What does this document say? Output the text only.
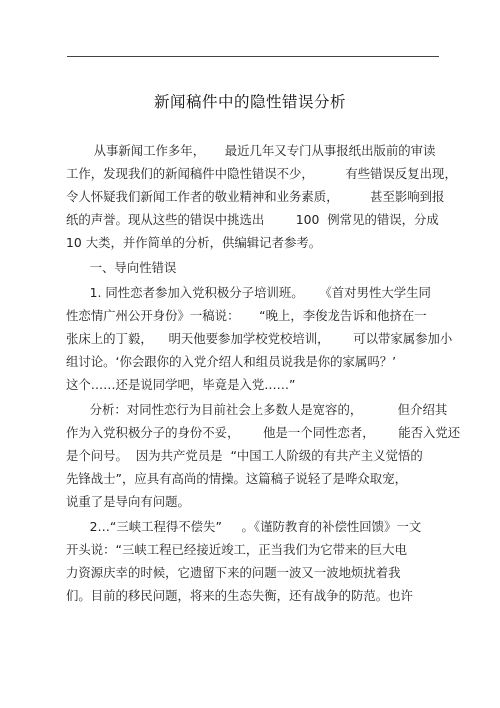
新闻稿件中的隐性错误分析
从事新闻工作多年，     最近几年又专门从事报纸出版前的审读
工作，发现我们的新闻稿件中隐性错误不少，        有些错误反复出现，
令人怀疑我们新闻工作者的敬业精神和业务素质，        甚至影响到报
纸的声誉。现从这些的错误中挑选出        100  例常见的错误，分成
10 大类，并作简单的分析，供编辑记者参考。
一、导向性错误
1. 同性恋者参加入党积极分子培训班。    《首对男性大学生同
性恋情广州公开身份》一稿说：     “晚上，李俊龙告诉和他挤在一
张床上的丁毅，    明天他要参加学校党校培训，      可以带家属参加小
组讨论。‘你会跟你的入党介绍人和组员说我是你的家属吗？’
这个……还是说同学吧，毕竟是入党……”
分析：对同性恋行为目前社会上多数人是宽容的，         但介绍其
作为入党积极分子的身份不妥，      他是一个同性恋者，      能否入党还
是个问号。  因为共产党员是  “中国工人阶级的有共产主义觉悟的
先锋战士”，应具有高尚的情操。这篇稿子说轻了是哗众取宠，
说重了是导向有问题。
2…“三峡工程得不偿失”     。《谨防教育的补偿性回馈》一文
开头说：“三峡工程已经接近竣工，正当我们为它带来的巨大电
力资源庆幸的时候，它遗留下来的问题一波又一波地烦扰着我
们。目前的移民问题，将来的生态失衡，还有战争的防范。也许
